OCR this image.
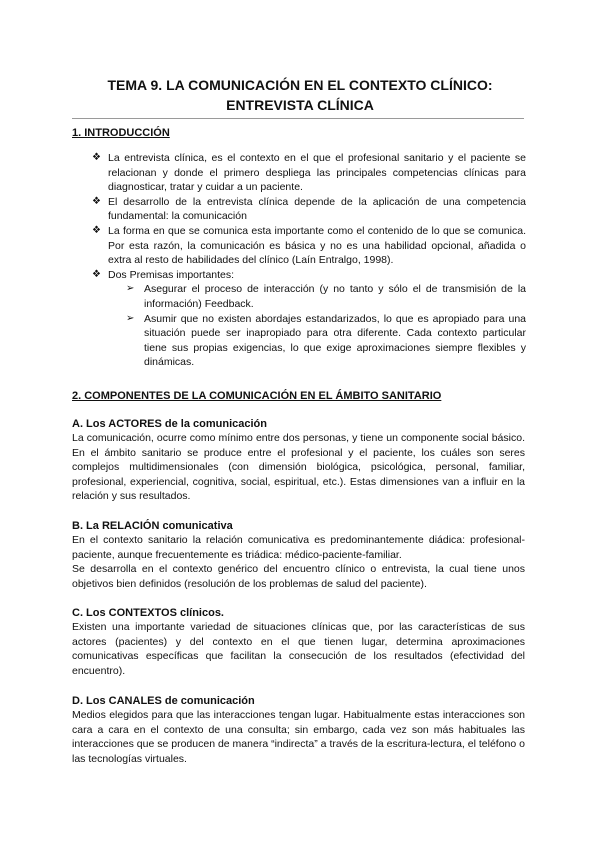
TEMA 9. LA COMUNICACIÓN EN EL CONTEXTO CLÍNICO:
ENTREVISTA CLÍNICA
1. INTRODUCCIÓN
❖ La entrevista clínica, es el contexto en el que el profesional sanitario y el paciente se relacionan y donde el primero despliega las principales competencias clínicas para diagnosticar, tratar y cuidar a un paciente.
❖ El desarrollo de la entrevista clínica depende de la aplicación de una competencia fundamental: la comunicación
❖ La forma en que se comunica esta importante como el contenido de lo que se comunica. Por esta razón, la comunicación es básica y no es una habilidad opcional, añadida o extra al resto de habilidades del clínico (Laín Entralgo, 1998).
❖ Dos Premisas importantes:
➢ Asegurar el proceso de interacción (y no tanto y sólo el de transmisión de la información) Feedback.
➢ Asumir que no existen abordajes estandarizados, lo que es apropiado para una situación puede ser inapropiado para otra diferente. Cada contexto particular tiene sus propias exigencias, lo que exige aproximaciones siempre flexibles y dinámicas.
2. COMPONENTES DE LA COMUNICACIÓN EN EL ÁMBITO SANITARIO
A. Los ACTORES de la comunicación
La comunicación, ocurre como mínimo entre dos personas, y tiene un componente social básico. En el ámbito sanitario se produce entre el profesional y el paciente, los cuáles son seres complejos multidimensionales (con dimensión biológica, psicológica, personal, familiar, profesional, experiencial, cognitiva, social, espiritual, etc.). Estas dimensiones van a influir en la relación y sus resultados.
B. La RELACIÓN comunicativa
En el contexto sanitario la relación comunicativa es predominantemente diádica: profesional-paciente, aunque frecuentemente es triádica: médico-paciente-familiar.
Se desarrolla en el contexto genérico del encuentro clínico o entrevista, la cual tiene unos objetivos bien definidos (resolución de los problemas de salud del paciente).
C. Los CONTEXTOS clínicos.
Existen una importante variedad de situaciones clínicas que, por las características de sus actores (pacientes) y del contexto en el que tienen lugar, determina aproximaciones comunicativas específicas que facilitan la consecución de los resultados (efectividad del encuentro).
D. Los CANALES de comunicación
Medios elegidos para que las interacciones tengan lugar. Habitualmente estas interacciones son cara a cara en el contexto de una consulta; sin embargo, cada vez son más habituales las interacciones que se producen de manera “indirecta” a través de la escritura-lectura, el teléfono o las tecnologías virtuales.
